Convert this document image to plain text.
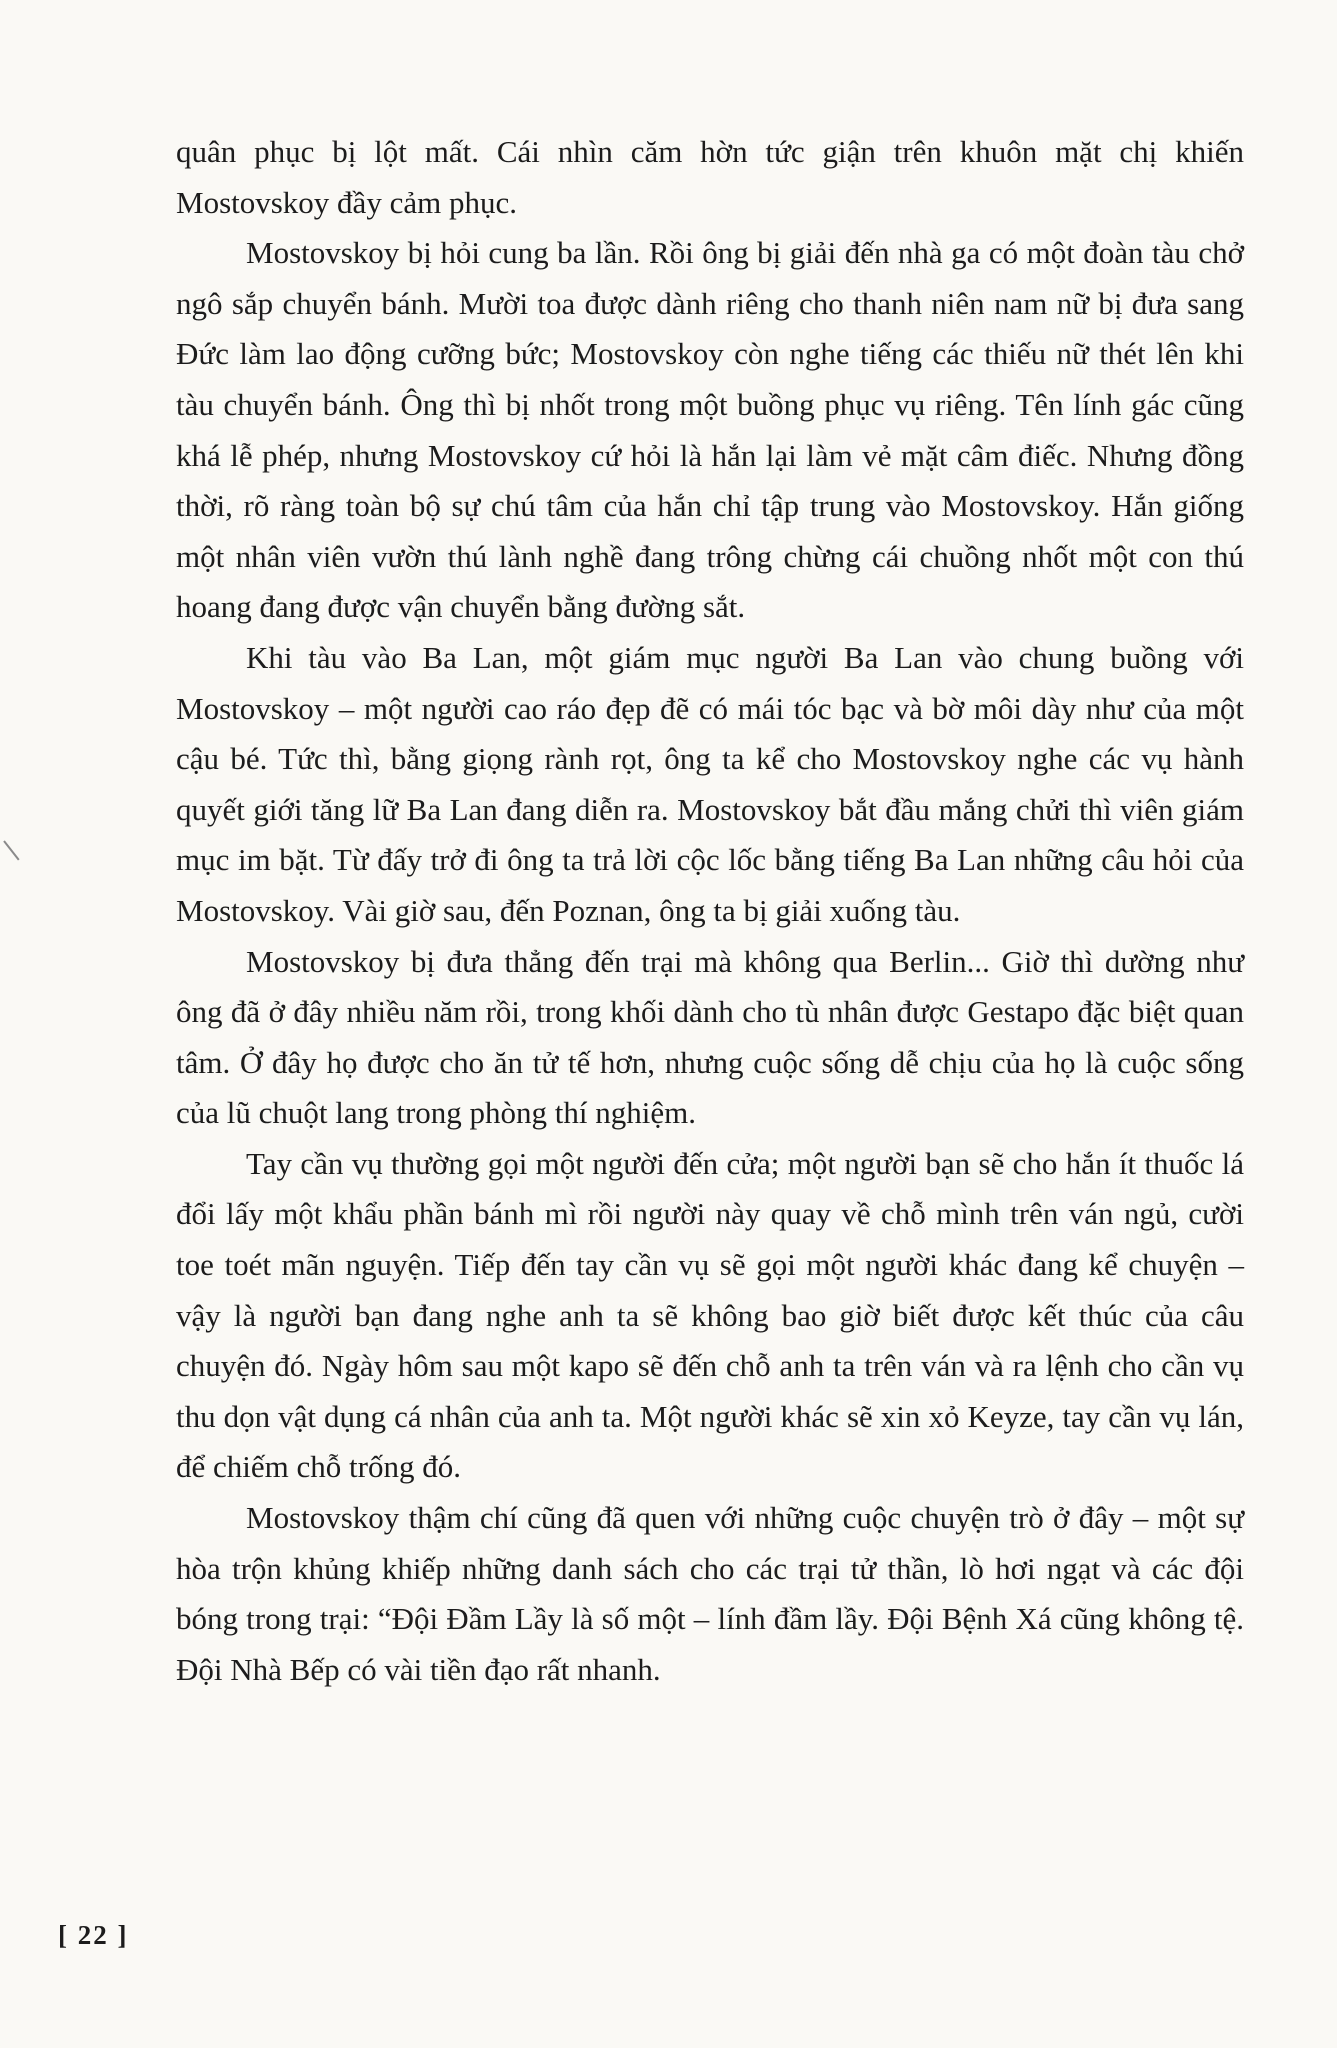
quân phục bị lột mất. Cái nhìn căm hờn tức giận trên khuôn mặt chị khiến Mostovskoy đầy cảm phục.

Mostovskoy bị hỏi cung ba lần. Rồi ông bị giải đến nhà ga có một đoàn tàu chở ngô sắp chuyển bánh. Mười toa được dành riêng cho thanh niên nam nữ bị đưa sang Đức làm lao động cưỡng bức; Mostovskoy còn nghe tiếng các thiếu nữ thét lên khi tàu chuyển bánh. Ông thì bị nhốt trong một buồng phục vụ riêng. Tên lính gác cũng khá lễ phép, nhưng Mostovskoy cứ hỏi là hắn lại làm vẻ mặt câm điếc. Nhưng đồng thời, rõ ràng toàn bộ sự chú tâm của hắn chỉ tập trung vào Mostovskoy. Hắn giống một nhân viên vườn thú lành nghề đang trông chừng cái chuồng nhốt một con thú hoang đang được vận chuyển bằng đường sắt.

Khi tàu vào Ba Lan, một giám mục người Ba Lan vào chung buồng với Mostovskoy – một người cao ráo đẹp đẽ có mái tóc bạc và bờ môi dày như của một cậu bé. Tức thì, bằng giọng rành rọt, ông ta kể cho Mostovskoy nghe các vụ hành quyết giới tăng lữ Ba Lan đang diễn ra. Mostovskoy bắt đầu mắng chửi thì viên giám mục im bặt. Từ đấy trở đi ông ta trả lời cộc lốc bằng tiếng Ba Lan những câu hỏi của Mostovskoy. Vài giờ sau, đến Poznan, ông ta bị giải xuống tàu.

Mostovskoy bị đưa thẳng đến trại mà không qua Berlin... Giờ thì dường như ông đã ở đây nhiều năm rồi, trong khối dành cho tù nhân được Gestapo đặc biệt quan tâm. Ở đây họ được cho ăn tử tế hơn, nhưng cuộc sống dễ chịu của họ là cuộc sống của lũ chuột lang trong phòng thí nghiệm.

Tay cần vụ thường gọi một người đến cửa; một người bạn sẽ cho hắn ít thuốc lá đổi lấy một khẩu phần bánh mì rồi người này quay về chỗ mình trên ván ngủ, cười toe toét mãn nguyện. Tiếp đến tay cần vụ sẽ gọi một người khác đang kể chuyện – vậy là người bạn đang nghe anh ta sẽ không bao giờ biết được kết thúc của câu chuyện đó. Ngày hôm sau một kapo sẽ đến chỗ anh ta trên ván và ra lệnh cho cần vụ thu dọn vật dụng cá nhân của anh ta. Một người khác sẽ xin xỏ Keyze, tay cần vụ lán, để chiếm chỗ trống đó.

Mostovskoy thậm chí cũng đã quen với những cuộc chuyện trò ở đây – một sự hòa trộn khủng khiếp những danh sách cho các trại tử thần, lò hơi ngạt và các đội bóng trong trại: “Đội Đầm Lầy là số một – lính đầm lầy. Đội Bệnh Xá cũng không tệ. Đội Nhà Bếp có vài tiền đạo rất nhanh.

[ 22 ]
